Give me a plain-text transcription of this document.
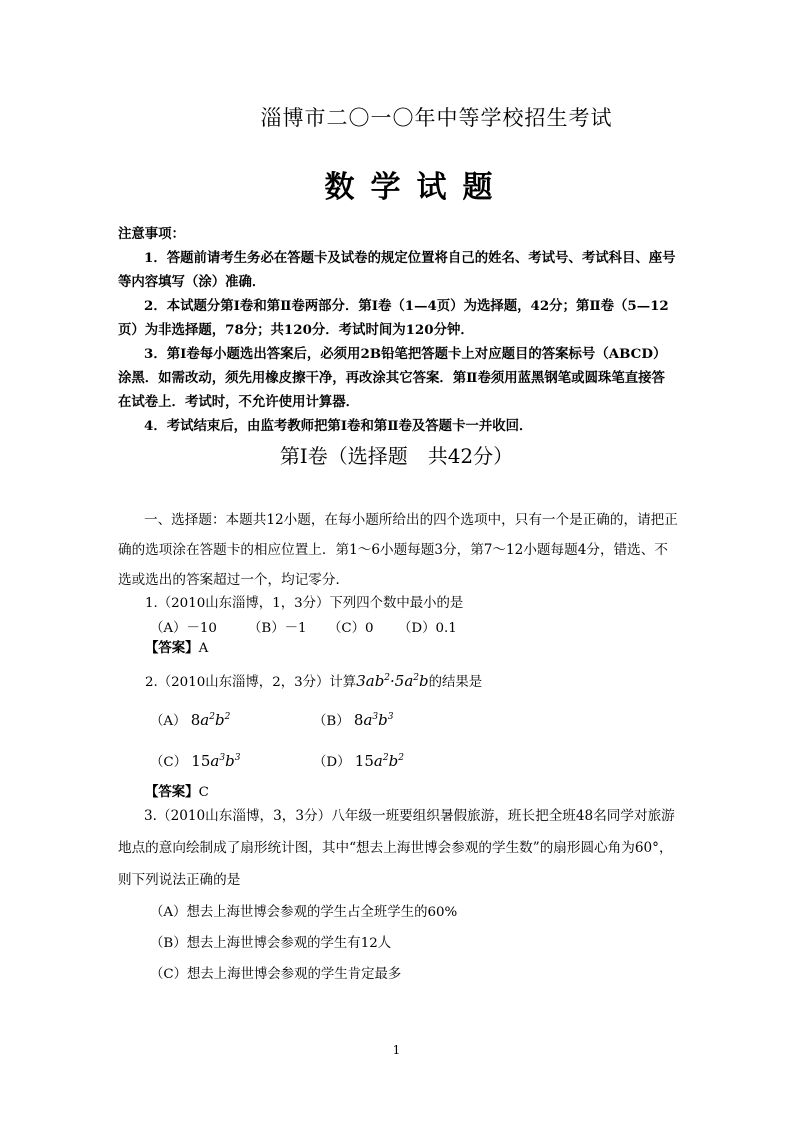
淄博市二〇一〇年中等学校招生考试
数学试题

注意事项：

1．答题前请考生务必在答题卡及试卷的规定位置将自己的姓名、考试号、考试科目、座号等内容填写（涂）准确．

2．本试题分第Ⅰ卷和第Ⅱ卷两部分．第Ⅰ卷（1—4页）为选择题，42分；第Ⅱ卷（5—12页）为非选择题，78分；共120分．考试时间为120分钟．

3．第Ⅰ卷每小题选出答案后，必须用2B铅笔把答题卡上对应题目的答案标号（ABCD）涂黑．如需改动，须先用橡皮擦干净，再改涂其它答案．第Ⅱ卷须用蓝黑钢笔或圆珠笔直接答在试卷上．考试时，不允许使用计算器．

4．考试结束后，由监考教师把第Ⅰ卷和第Ⅱ卷及答题卡一并收回．

第Ⅰ卷（选择题　共42分）

一、选择题：本题共12小题，在每小题所给出的四个选项中，只有一个是正确的，请把正确的选项涂在答题卡的相应位置上．第1～6小题每题3分，第7～12小题每题4分，错选、不选或选出的答案超过一个，均记零分．

1.（2010山东淄博，1，3分）下列四个数中最小的是
（A）－10 （B）－1 （C）0 （D）0.1
【答案】A
2.（2010山东淄博，2，3分）计算$3ab^2\cdot 5a^2b$的结果是
（A） $8a^2b^2$	（B） $8a^3b^3$
（C） $15a^3b^3$	（D） $15a^2b^2$
【答案】C

3.（2010山东淄博，3，3分）八年级一班要组织暑假旅游，班长把全班48名同学对旅游地点的意向绘制成了扇形统计图，其中“想去上海世博会参观的学生数”的扇形圆心角为60°，则下列说法正确的是

（A）想去上海世博会参观的学生占全班学生的60%
（B）想去上海世博会参观的学生有12人
（C）想去上海世博会参观的学生肯定最多
1
